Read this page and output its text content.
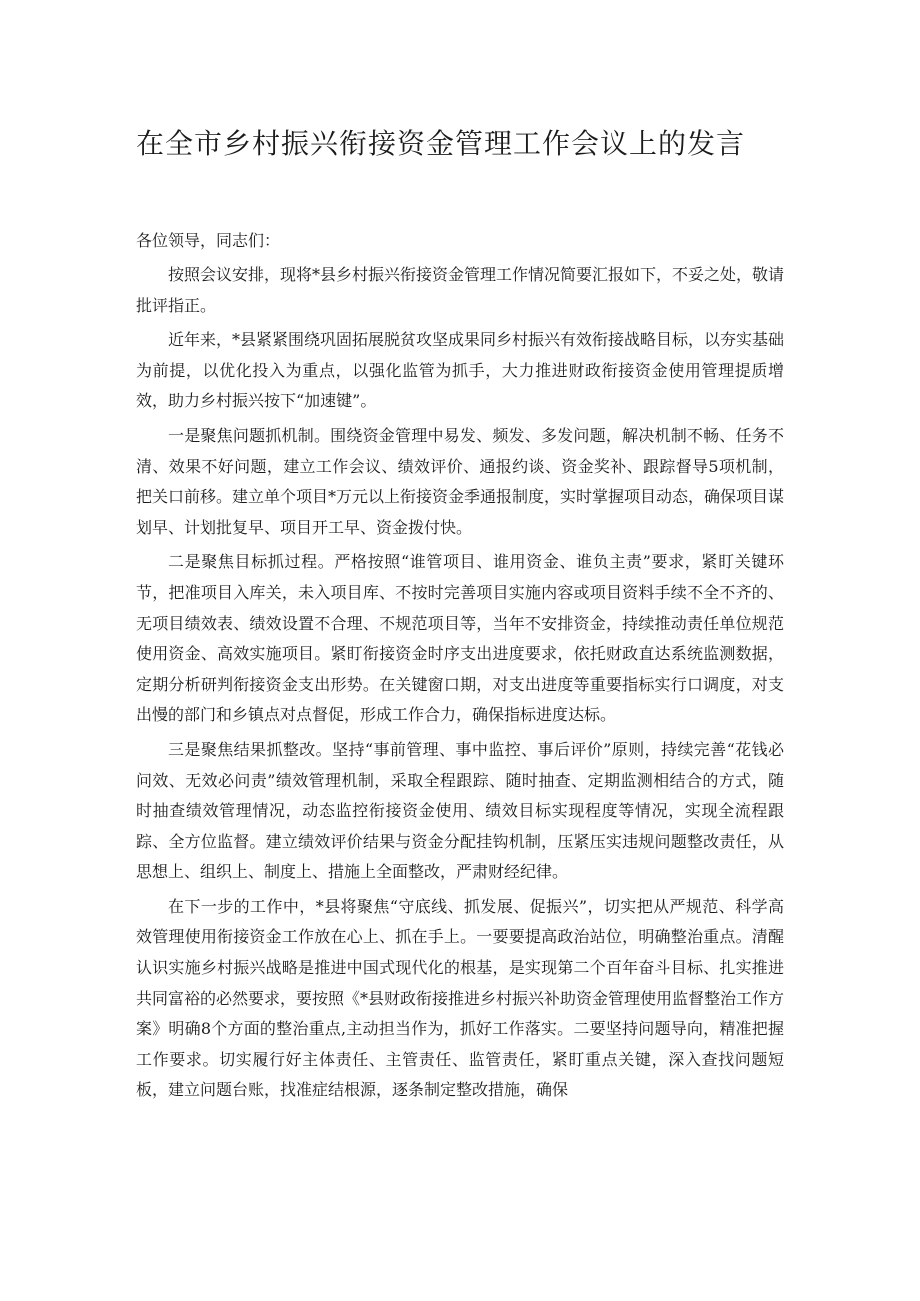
在全市乡村振兴衔接资金管理工作会议上的发言

各位领导，同志们：

按照会议安排，现将*县乡村振兴衔接资金管理工作情况简要汇报如下，不妥之处，敬请批评指正。

近年来，*县紧紧围绕巩固拓展脱贫攻坚成果同乡村振兴有效衔接战略目标，以夯实基础为前提，以优化投入为重点，以强化监管为抓手，大力推进财政衔接资金使用管理提质增效，助力乡村振兴按下“加速键”。

一是聚焦问题抓机制。围绕资金管理中易发、频发、多发问题，解决机制不畅、任务不清、效果不好问题，建立工作会议、绩效评价、通报约谈、资金奖补、跟踪督导5项机制，把关口前移。建立单个项目*万元以上衔接资金季通报制度，实时掌握项目动态，确保项目谋划早、计划批复早、项目开工早、资金拨付快。

二是聚焦目标抓过程。严格按照“谁管项目、谁用资金、谁负主责”要求，紧盯关键环节，把准项目入库关，未入项目库、不按时完善项目实施内容或项目资料手续不全不齐的、无项目绩效表、绩效设置不合理、不规范项目等，当年不安排资金，持续推动责任单位规范使用资金、高效实施项目。紧盯衔接资金时序支出进度要求，依托财政直达系统监测数据，定期分析研判衔接资金支出形势。在关键窗口期，对支出进度等重要指标实行口调度，对支出慢的部门和乡镇点对点督促，形成工作合力，确保指标进度达标。

三是聚焦结果抓整改。坚持“事前管理、事中监控、事后评价”原则，持续完善“花钱必问效、无效必问责”绩效管理机制，采取全程跟踪、随时抽查、定期监测相结合的方式，随时抽查绩效管理情况，动态监控衔接资金使用、绩效目标实现程度等情况，实现全流程跟踪、全方位监督。建立绩效评价结果与资金分配挂钩机制，压紧压实违规问题整改责任，从思想上、组织上、制度上、措施上全面整改，严肃财经纪律。

在下一步的工作中，*县将聚焦“守底线、抓发展、促振兴”，切实把从严规范、科学高效管理使用衔接资金工作放在心上、抓在手上。一要要提高政治站位，明确整治重点。清醒认识实施乡村振兴战略是推进中国式现代化的根基，是实现第二个百年奋斗目标、扎实推进共同富裕的必然要求，要按照《*县财政衔接推进乡村振兴补助资金管理使用监督整治工作方案》明确8个方面的整治重点,主动担当作为，抓好工作落实。二要坚持问题导向，精准把握工作要求。切实履行好主体责任、主管责任、监管责任，紧盯重点关键，深入查找问题短板，建立问题台账，找准症结根源，逐条制定整改措施，确保
